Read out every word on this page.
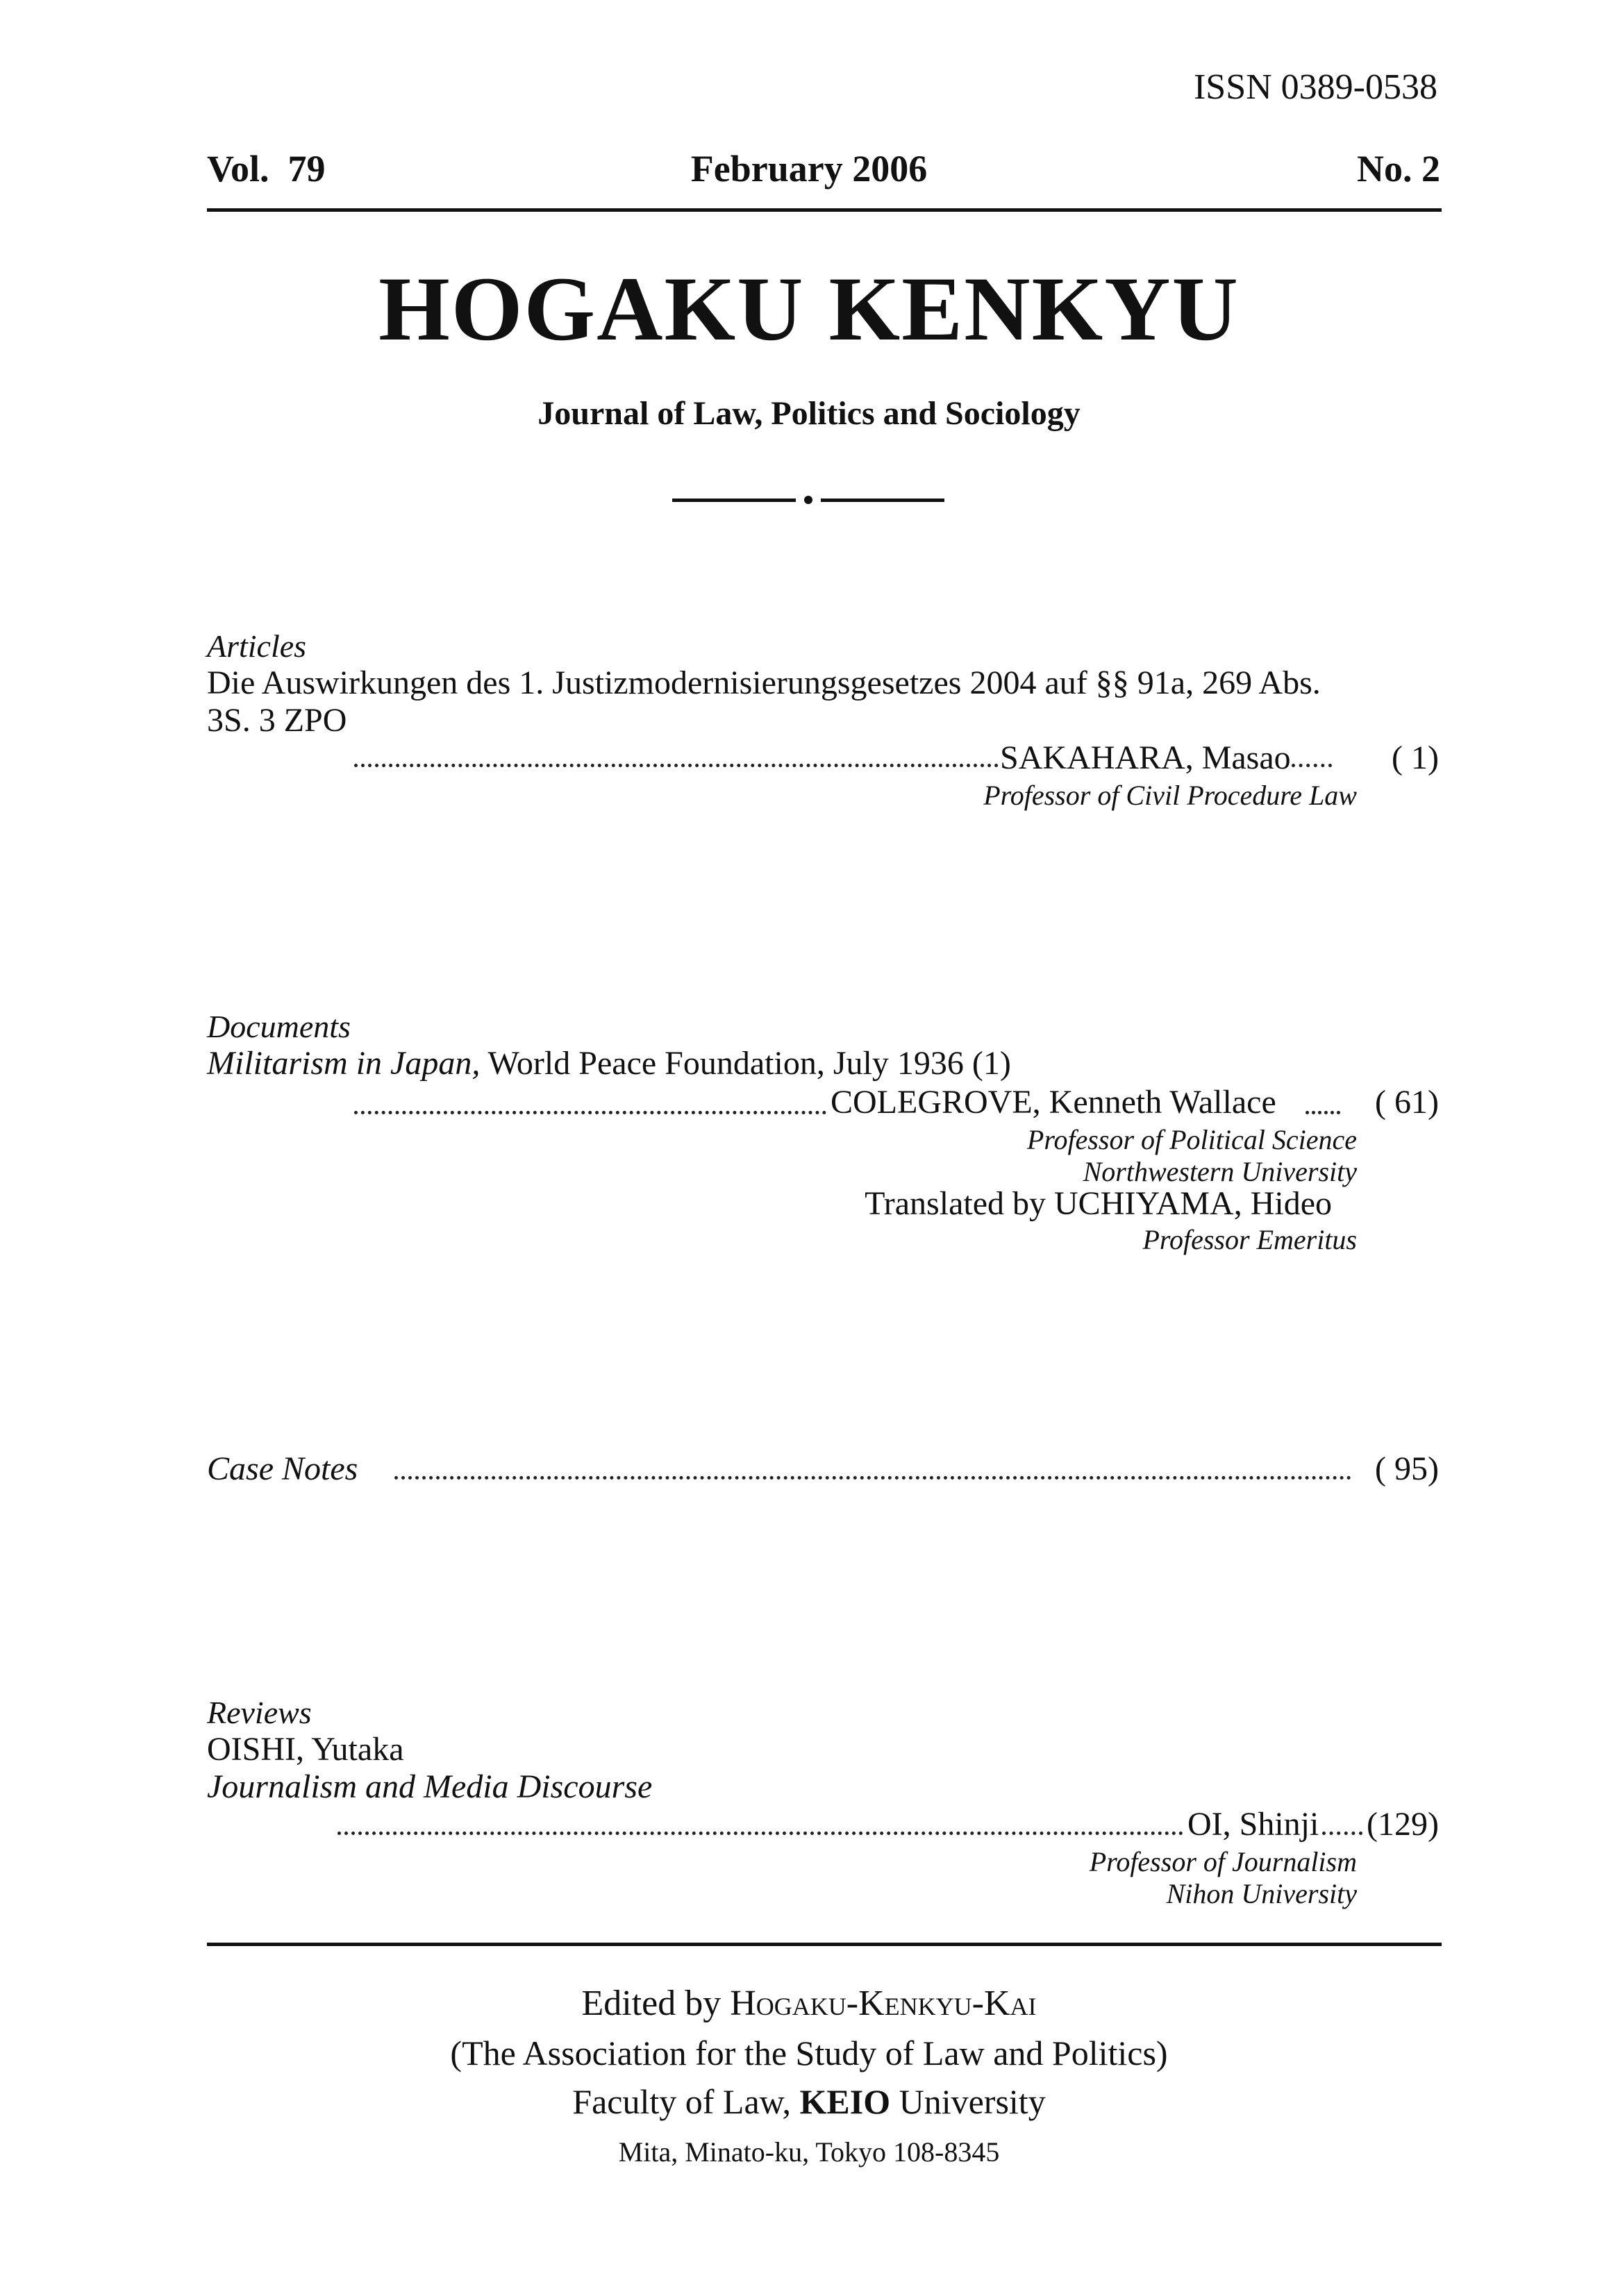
ISSN 0389-0538
Vol.  79	February 2006	No. 2
HOGAKU KENKYU
Journal of Law, Politics and Sociology
Articles
Die Auswirkungen des 1. Justizmodernisierungsgesetzes 2004 auf §§ 91a, 269 Abs.
3S. 3 ZPO
SAKAHARA, Masao	( 1)
Professor of Civil Procedure Law
Documents
Militarism in Japan, World Peace Foundation, July 1936 (1)
COLEGROVE, Kenneth Wallace	( 61)
Professor of Political Science
Northwestern University
Translated by UCHIYAMA, Hideo
Professor Emeritus
Case Notes	( 95)
Reviews
OISHI, Yutaka
Journalism and Media Discourse
OI, Shinji (129)
Professor of Journalism
Nihon University
Edited by Hogaku-Kenkyu-Kai
(The Association for the Study of Law and Politics)
Faculty of Law, KEIO University
Mita, Minato-ku, Tokyo 108-8345
